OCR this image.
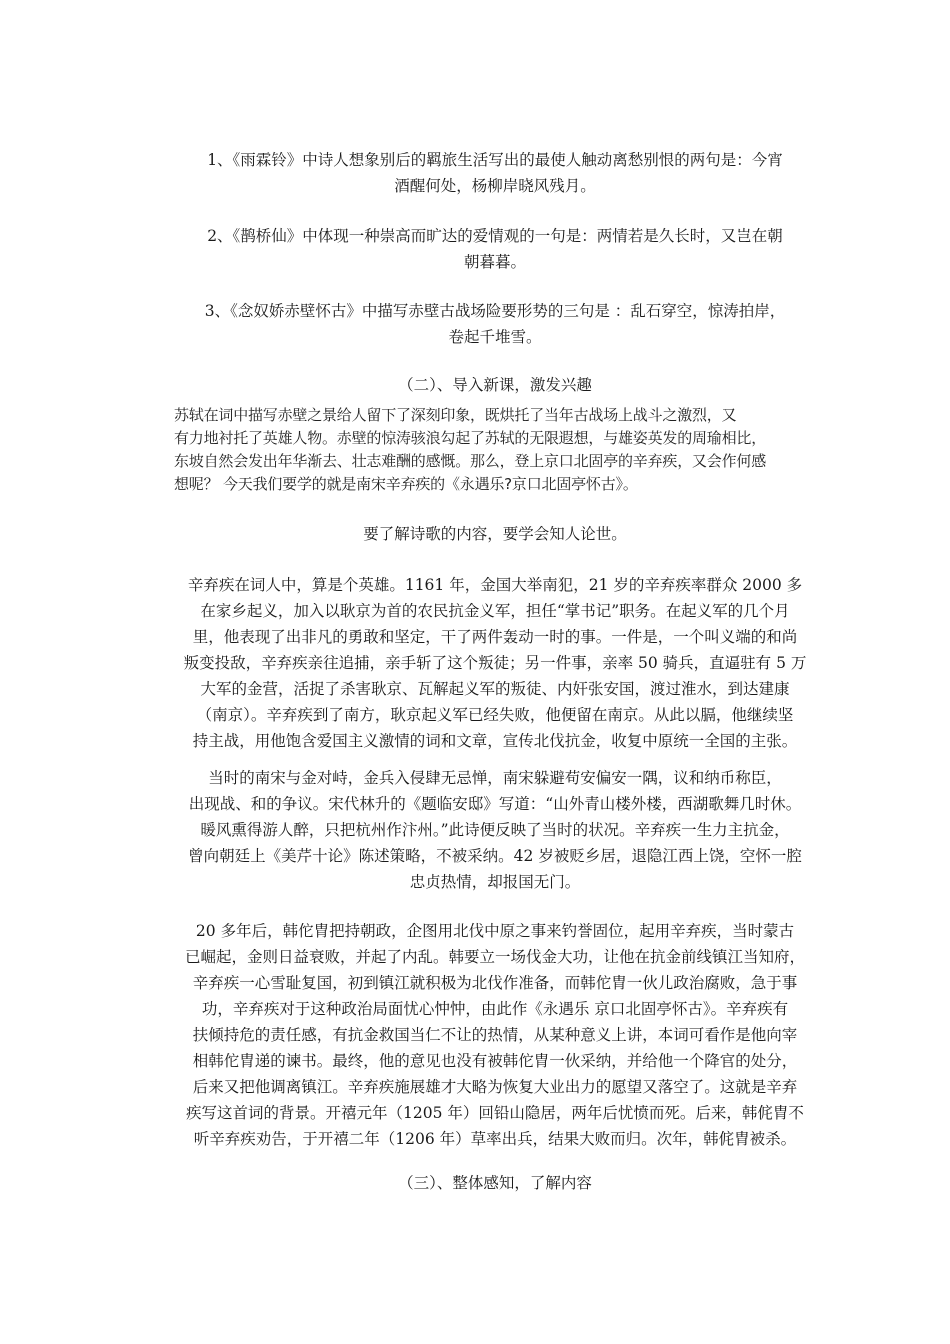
1、《雨霖铃》中诗人想象别后的羁旅生活写出的最使人触动离愁别恨的两句是：今宵
酒醒何处，杨柳岸晓风残月。
2、《鹊桥仙》中体现一种崇高而旷达的爱情观的一句是：两情若是久长时，又岂在朝
朝暮暮。
3、《念奴娇赤壁怀古》中描写赤壁古战场险要形势的三句是 ：乱石穿空，惊涛拍岸，
卷起千堆雪。
（二）、导入新课，激发兴趣
苏轼在词中描写赤壁之景给人留下了深刻印象，既烘托了当年古战场上战斗之激烈，又
有力地衬托了英雄人物。赤壁的惊涛骇浪勾起了苏轼的无限遐想，与雄姿英发的周瑜相比，
东坡自然会发出年华渐去、壮志难酬的感慨。那么，登上京口北固亭的辛弃疾，又会作何感
想呢？ 今天我们要学的就是南宋辛弃疾的《永遇乐?京口北固亭怀古》。
要了解诗歌的内容，要学会知人论世。
辛弃疾在词人中，算是个英雄。1161 年，金国大举南犯，21 岁的辛弃疾率群众 2000 多
在家乡起义，加入以耿京为首的农民抗金义军，担任“掌书记”职务。在起义军的几个月
里，他表现了出非凡的勇敢和坚定，干了两件轰动一时的事。一件是，一个叫义端的和尚
叛变投敌，辛弃疾亲往追捕，亲手斩了这个叛徒；另一件事，亲率 50 骑兵，直逼驻有 5 万
大军的金营，活捉了杀害耿京、瓦解起义军的叛徒、内奸张安国，渡过淮水，到达建康
（南京）。辛弃疾到了南方，耿京起义军已经失败，他便留在南京。从此以膈，他继续坚
持主战，用他饱含爱国主义激情的词和文章，宣传北伐抗金，收复中原统一全国的主张。
当时的南宋与金对峙，金兵入侵肆无忌惮，南宋躲避苟安偏安一隅，议和纳币称臣，
出现战、和的争议。宋代林升的《题临安邸》写道：“山外青山楼外楼，西湖歌舞几时休。
暖风熏得游人醉，只把杭州作汴州。”此诗便反映了当时的状况。辛弃疾一生力主抗金，
曾向朝廷上《美芹十论》陈述策略，不被采纳。42 岁被贬乡居，退隐江西上饶，空怀一腔
忠贞热情，却报国无门。
20 多年后，韩佗胄把持朝政，企图用北伐中原之事来钓誉固位，起用辛弃疾，当时蒙古
已崛起，金则日益衰败，并起了内乱。韩要立一场伐金大功，让他在抗金前线镇江当知府，
辛弃疾一心雪耻复国，初到镇江就积极为北伐作准备，而韩佗胄一伙儿政治腐败，急于事
功，辛弃疾对于这种政治局面忧心忡忡，由此作《永遇乐 京口北固亭怀古》。辛弃疾有
扶倾持危的责任感，有抗金救国当仁不让的热情，从某种意义上讲，本词可看作是他向宰
相韩佗胄递的谏书。最终，他的意见也没有被韩佗胄一伙采纳，并给他一个降官的处分，
后来又把他调离镇江。辛弃疾施展雄才大略为恢复大业出力的愿望又落空了。这就是辛弃
疾写这首词的背景。开禧元年（1205 年）回铅山隐居，两年后忧愤而死。后来，韩侂胄不
听辛弃疾劝告，于开禧二年（1206 年）草率出兵，结果大败而归。次年，韩侂胄被杀。
（三）、整体感知，了解内容
